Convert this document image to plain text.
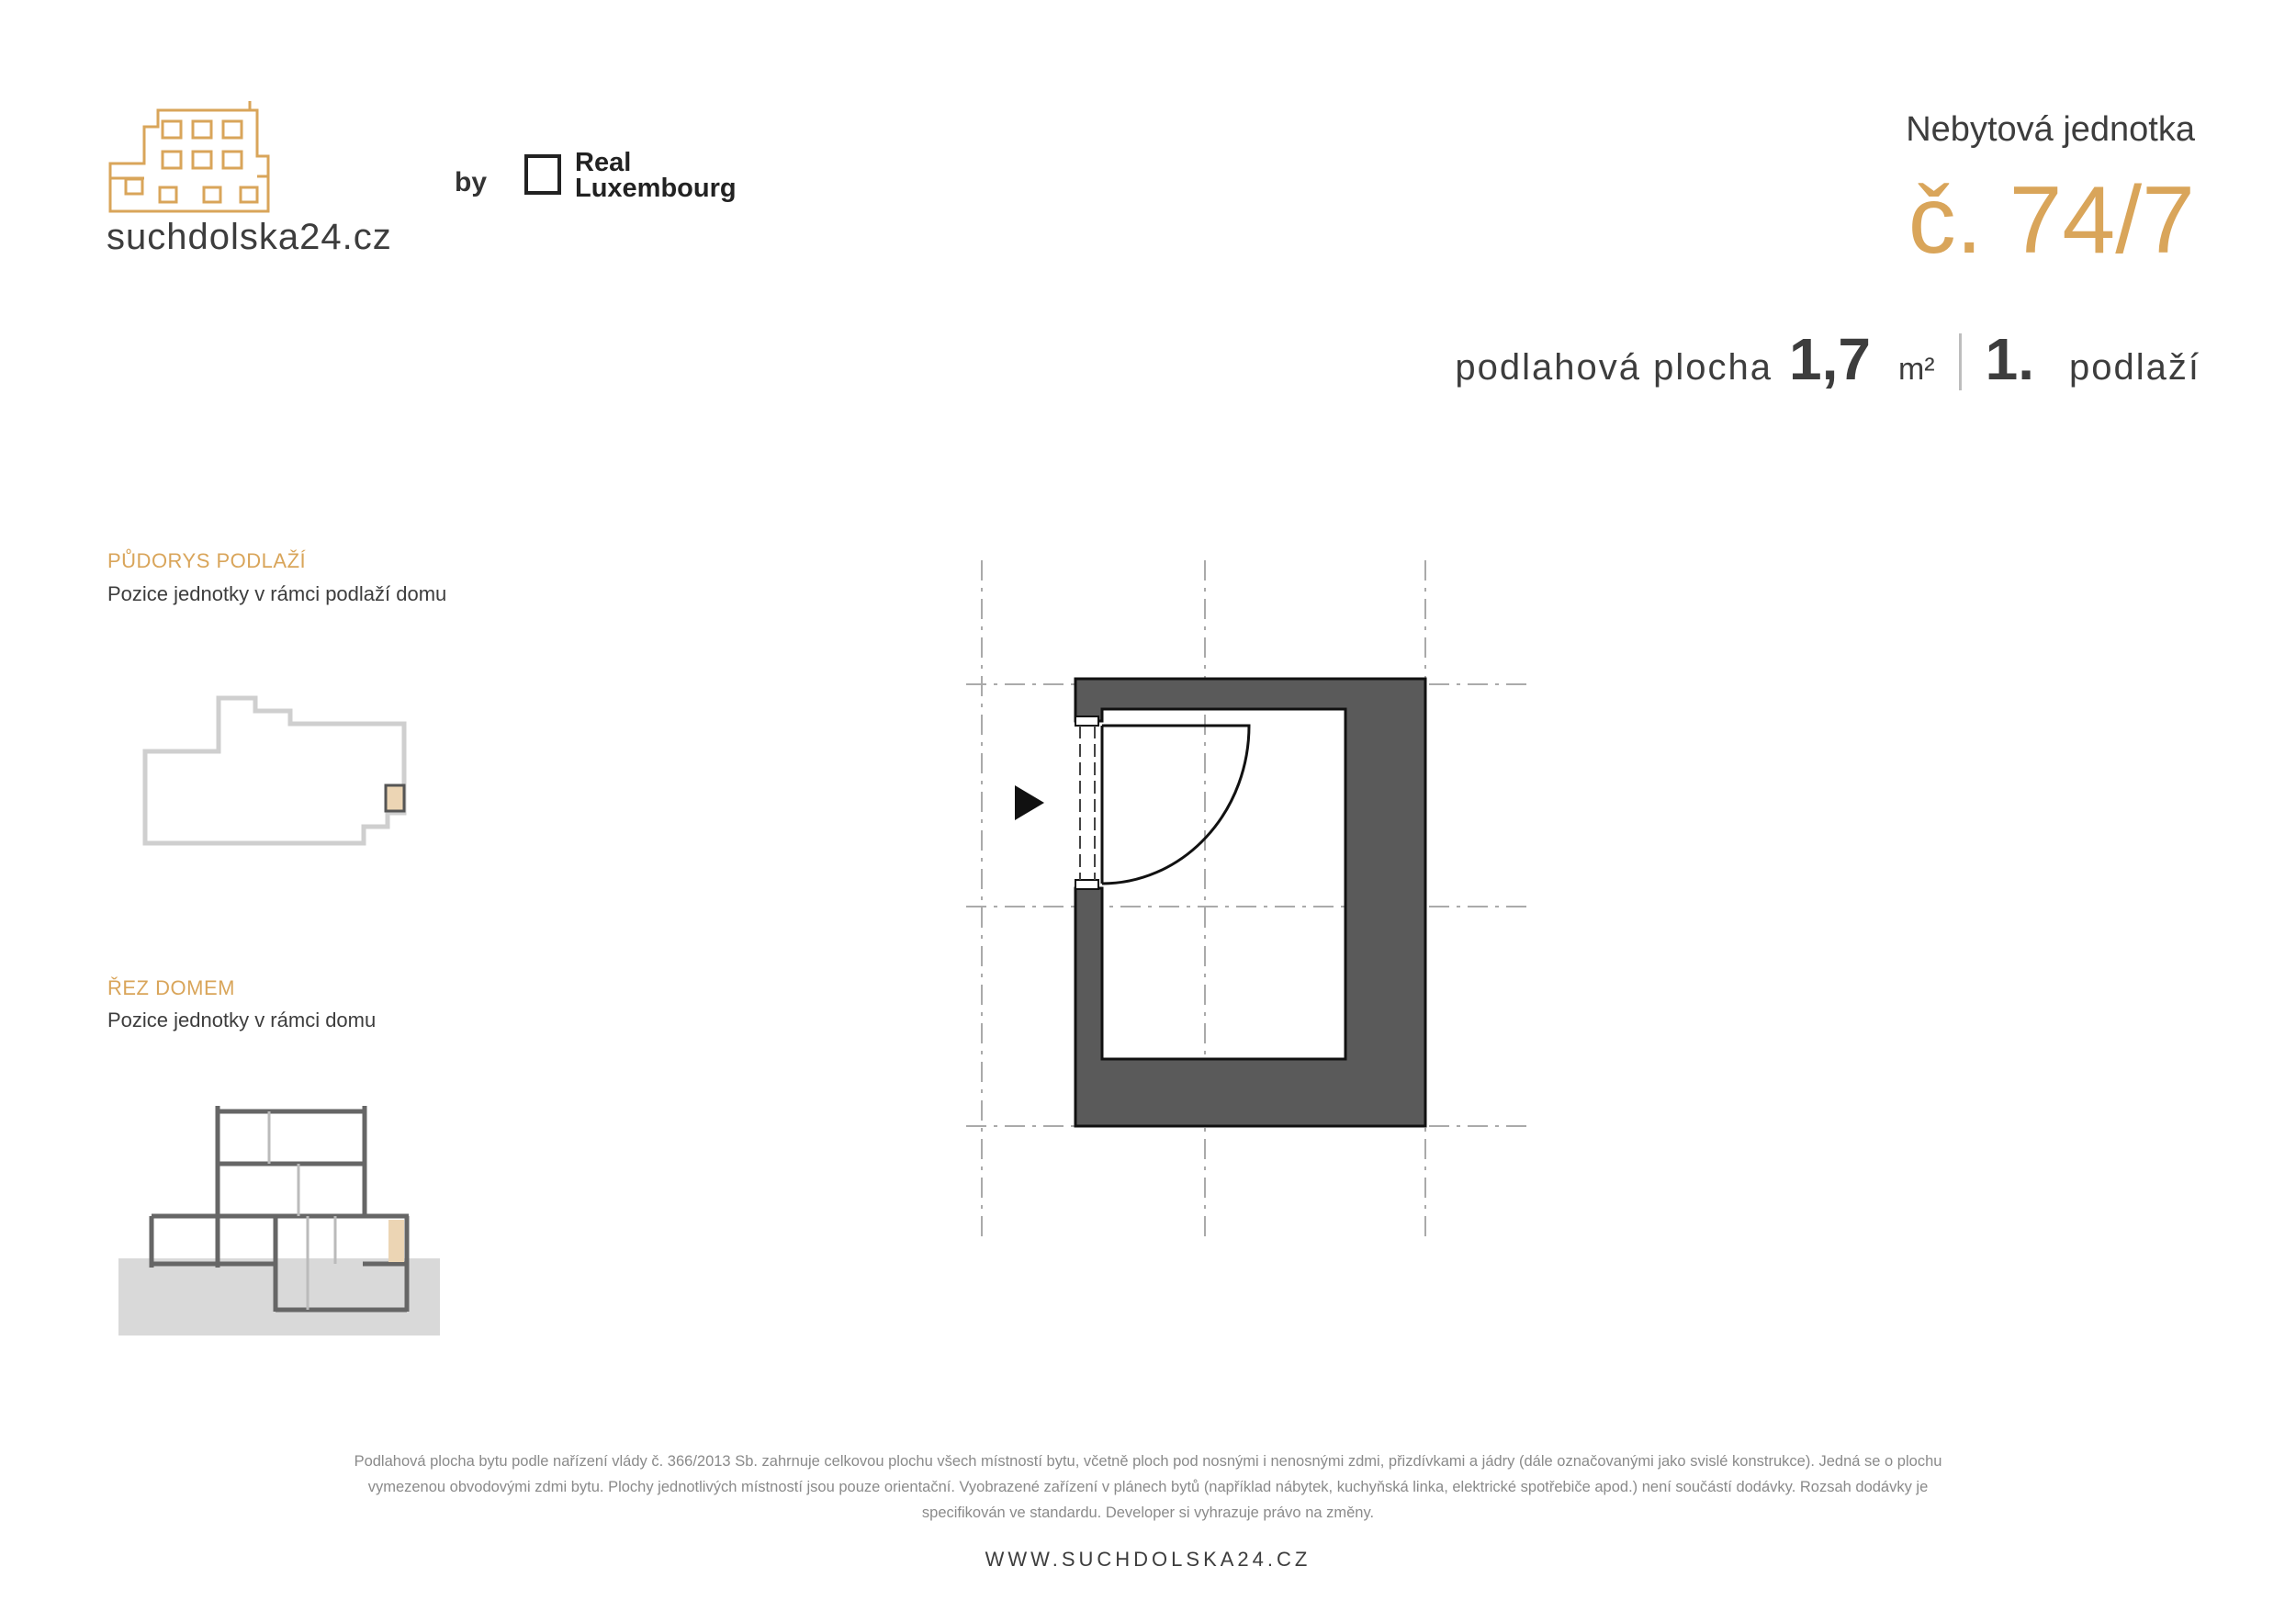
suchdolska24.cz
by
Real
Luxembourg
Nebytová jednotka
č. 74/7
podlahová plocha 1,7 m² 1. podlaží
PŮDORYS PODLAŽÍ
Pozice jednotky v rámci podlaží domu
ŘEZ DOMEM
Pozice jednotky v rámci domu
Podlahová plocha bytu podle nařízení vlády č. 366/2013 Sb. zahrnuje celkovou plochu všech místností bytu, včetně ploch pod nosnými i nenosnými zdmi, přizdívkami a jádry (dále označovanými jako svislé konstrukce). Jedná se o plochu
vymezenou obvodovými zdmi bytu. Plochy jednotlivých místností jsou pouze orientační. Vyobrazené zařízení v plánech bytů (například nábytek, kuchyňská linka, elektrické spotřebiče apod.) není součástí dodávky. Rozsah dodávky je
specifikován ve standardu. Developer si vyhrazuje právo na změny.
WWW.SUCHDOLSKA24.CZ
